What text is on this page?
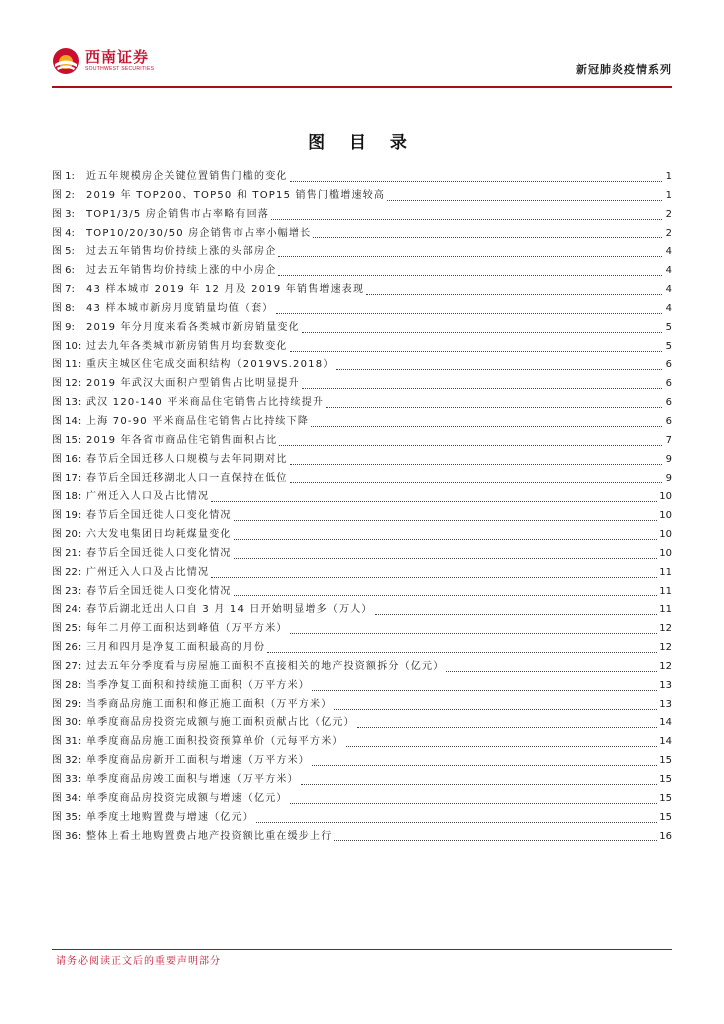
西南证券
SOUTHWEST SECURITIES	新冠肺炎疫情系列
图 目 录
图 1:	近五年规模房企关键位置销售门槛的变化	1
图 2:	2019 年 TOP200、TOP50 和 TOP15 销售门槛增速较高	1
图 3:	TOP1/3/5 房企销售市占率略有回落	2
图 4:	TOP10/20/30/50 房企销售市占率小幅增长	2
图 5:	过去五年销售均价持续上涨的头部房企	4
图 6:	过去五年销售均价持续上涨的中小房企	4
图 7:	43 样本城市 2019 年 12 月及 2019 年销售增速表现	4
图 8:	43 样本城市新房月度销量均值（套）	4
图 9:	2019 年分月度来看各类城市新房销量变化	5
图 10: 过去九年各类城市新房销售月均套数变化	5
图 11: 重庆主城区住宅成交面积结构（2019VS.2018）	6
图 12: 2019 年武汉大面积户型销售占比明显提升	6
图 13: 武汉 120-140 平米商品住宅销售占比持续提升	6
图 14: 上海 70-90 平米商品住宅销售占比持续下降	6
图 15: 2019 年各省市商品住宅销售面积占比	7
图 16: 春节后全国迁移人口规模与去年同期对比	9
图 17: 春节后全国迁移湖北人口一直保持在低位	9
图 18: 广州迁入人口及占比情况	10
图 19: 春节后全国迁徙人口变化情况	10
图 20: 六大发电集团日均耗煤量变化	10
图 21: 春节后全国迁徙人口变化情况	10
图 22: 广州迁入人口及占比情况	11
图 23: 春节后全国迁徙人口变化情况	11
图 24: 春节后湖北迁出人口自 3 月 14 日开始明显增多（万人）	11
图 25: 每年二月停工面积达到峰值（万平方米）	12
图 26: 三月和四月是净复工面积最高的月份	12
图 27: 过去五年分季度看与房屋施工面积不直接相关的地产投资额拆分（亿元）	12
图 28: 当季净复工面积和持续施工面积（万平方米）	13
图 29: 当季商品房施工面积和修正施工面积（万平方米）	13
图 30: 单季度商品房投资完成额与施工面积贡献占比（亿元）	14
图 31: 单季度商品房施工面积投资预算单价（元每平方米）	14
图 32: 单季度商品房新开工面积与增速（万平方米）	15
图 33: 单季度商品房竣工面积与增速（万平方米）	15
图 34: 单季度商品房投资完成额与增速（亿元）	15
图 35: 单季度土地购置费与增速（亿元）	15
图 36: 整体上看土地购置费占地产投资额比重在缓步上行	16
请务必阅读正文后的重要声明部分
